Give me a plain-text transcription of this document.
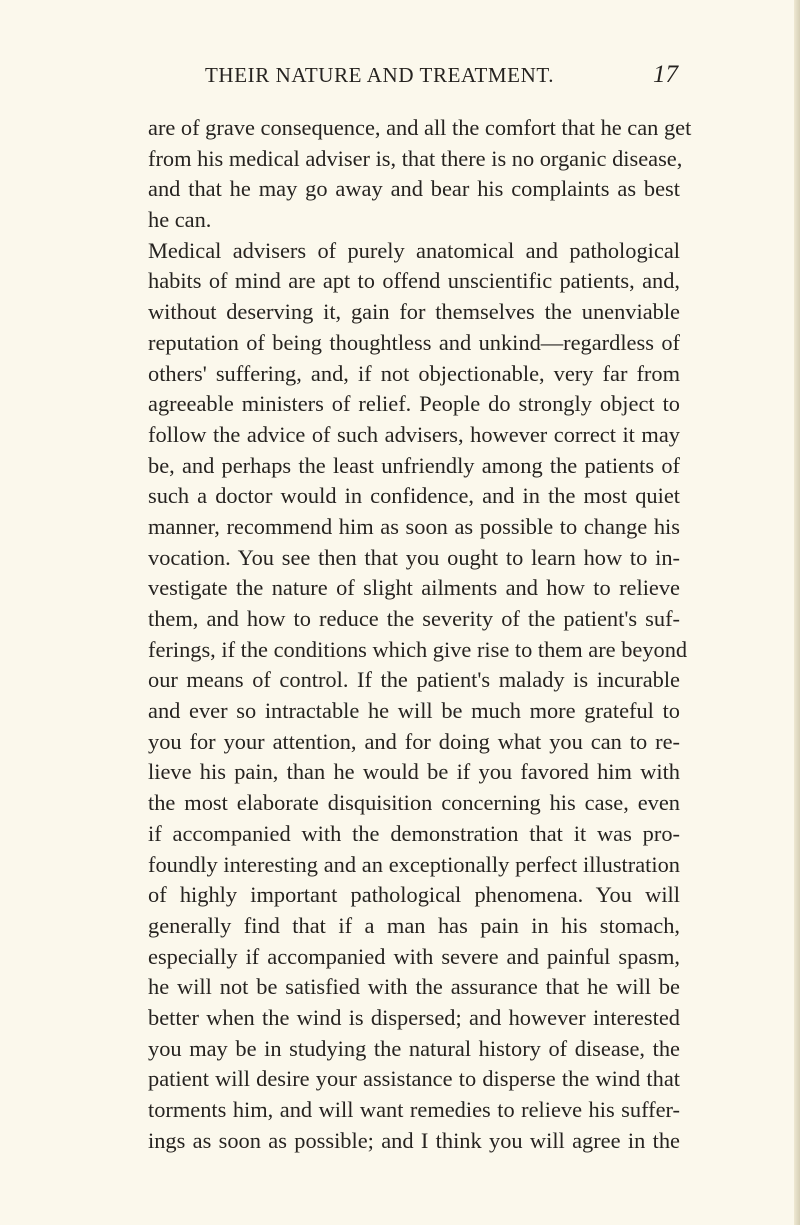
THEIR NATURE AND TREATMENT.	17
are of grave consequence, and all the comfort that he can get
from his medical adviser is, that there is no organic disease,
and that he may go away and bear his complaints as best
he can.
Medical advisers of purely anatomical and pathological
habits of mind are apt to offend unscientific patients, and,
without deserving it, gain for themselves the unenviable
reputation of being thoughtless and unkind—regardless of
others' suffering, and, if not objectionable, very far from
agreeable ministers of relief. People do strongly object to
follow the advice of such advisers, however correct it may
be, and perhaps the least unfriendly among the patients of
such a doctor would in confidence, and in the most quiet
manner, recommend him as soon as possible to change his
vocation. You see then that you ought to learn how to in-
vestigate the nature of slight ailments and how to relieve
them, and how to reduce the severity of the patient's suf-
ferings, if the conditions which give rise to them are beyond
our means of control. If the patient's malady is incurable
and ever so intractable he will be much more grateful to
you for your attention, and for doing what you can to re-
lieve his pain, than he would be if you favored him with
the most elaborate disquisition concerning his case, even
if accompanied with the demonstration that it was pro-
foundly interesting and an exceptionally perfect illustration
of highly important pathological phenomena. You will
generally find that if a man has pain in his stomach,
especially if accompanied with severe and painful spasm,
he will not be satisfied with the assurance that he will be
better when the wind is dispersed; and however interested
you may be in studying the natural history of disease, the
patient will desire your assistance to disperse the wind that
torments him, and will want remedies to relieve his suffer-
ings as soon as possible; and I think you will agree in the
